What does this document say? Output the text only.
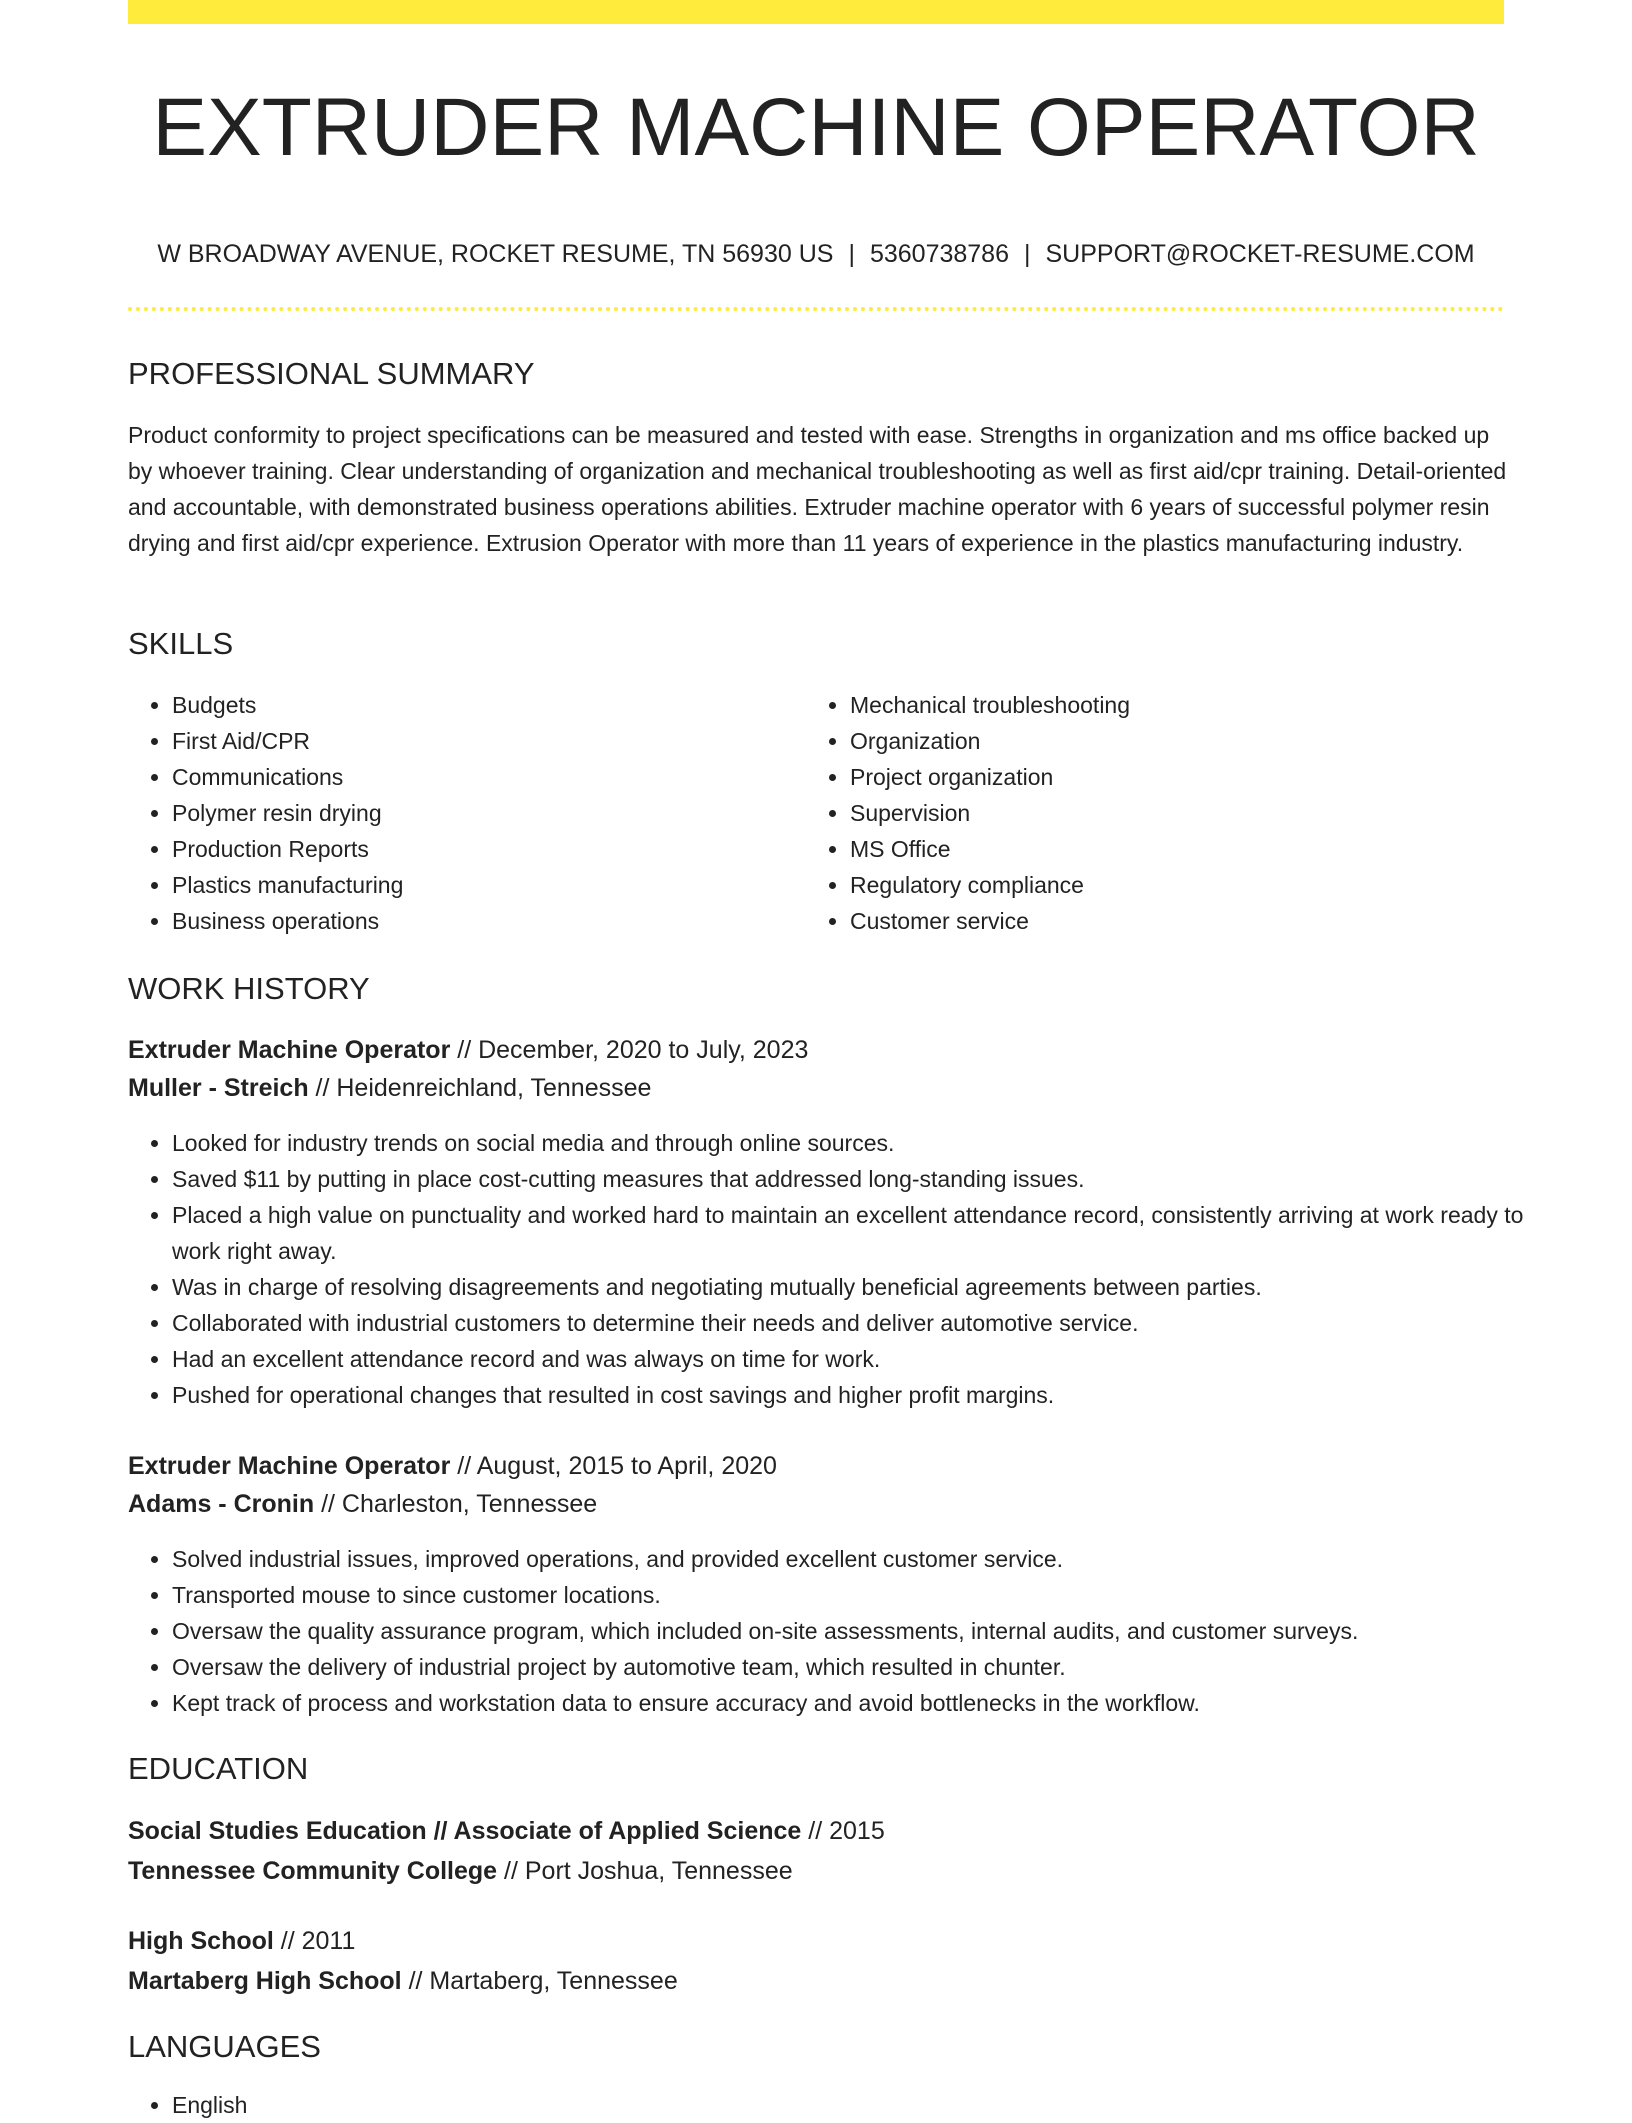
EXTRUDER MACHINE OPERATOR
W BROADWAY AVENUE, ROCKET RESUME, TN 56930 US | 5360738786 | SUPPORT@ROCKET-RESUME.COM
PROFESSIONAL SUMMARY

Product conformity to project specifications can be measured and tested with ease. Strengths in organization and ms office backed up by whoever training. Clear understanding of organization and mechanical troubleshooting as well as first aid/cpr training. Detail-oriented and accountable, with demonstrated business operations abilities. Extruder machine operator with 6 years of successful polymer resin drying and first aid/cpr experience. Extrusion Operator with more than 11 years of experience in the plastics manufacturing industry.

SKILLS
• Budgets
• First Aid/CPR
• Communications
• Polymer resin drying
• Production Reports
• Plastics manufacturing
• Business operations
• Mechanical troubleshooting
• Organization
• Project organization
• Supervision
• MS Office
• Regulatory compliance
• Customer service
WORK HISTORY
Extruder Machine Operator // December, 2020 to July, 2023
Muller - Streich // Heidenreichland, Tennessee
• Looked for industry trends on social media and through online sources.
• Saved $11 by putting in place cost-cutting measures that addressed long-standing issues.
• Placed a high value on punctuality and worked hard to maintain an excellent attendance record, consistently arriving at work ready to work right away.
• Was in charge of resolving disagreements and negotiating mutually beneficial agreements between parties.
• Collaborated with industrial customers to determine their needs and deliver automotive service.
• Had an excellent attendance record and was always on time for work.
• Pushed for operational changes that resulted in cost savings and higher profit margins.
Extruder Machine Operator // August, 2015 to April, 2020
Adams - Cronin // Charleston, Tennessee
• Solved industrial issues, improved operations, and provided excellent customer service.
• Transported mouse to since customer locations.
• Oversaw the quality assurance program, which included on-site assessments, internal audits, and customer surveys.
• Oversaw the delivery of industrial project by automotive team, which resulted in chunter.
• Kept track of process and workstation data to ensure accuracy and avoid bottlenecks in the workflow.
EDUCATION
Social Studies Education // Associate of Applied Science // 2015
Tennessee Community College // Port Joshua, Tennessee
High School // 2011
Martaberg High School // Martaberg, Tennessee
LANGUAGES
• English
